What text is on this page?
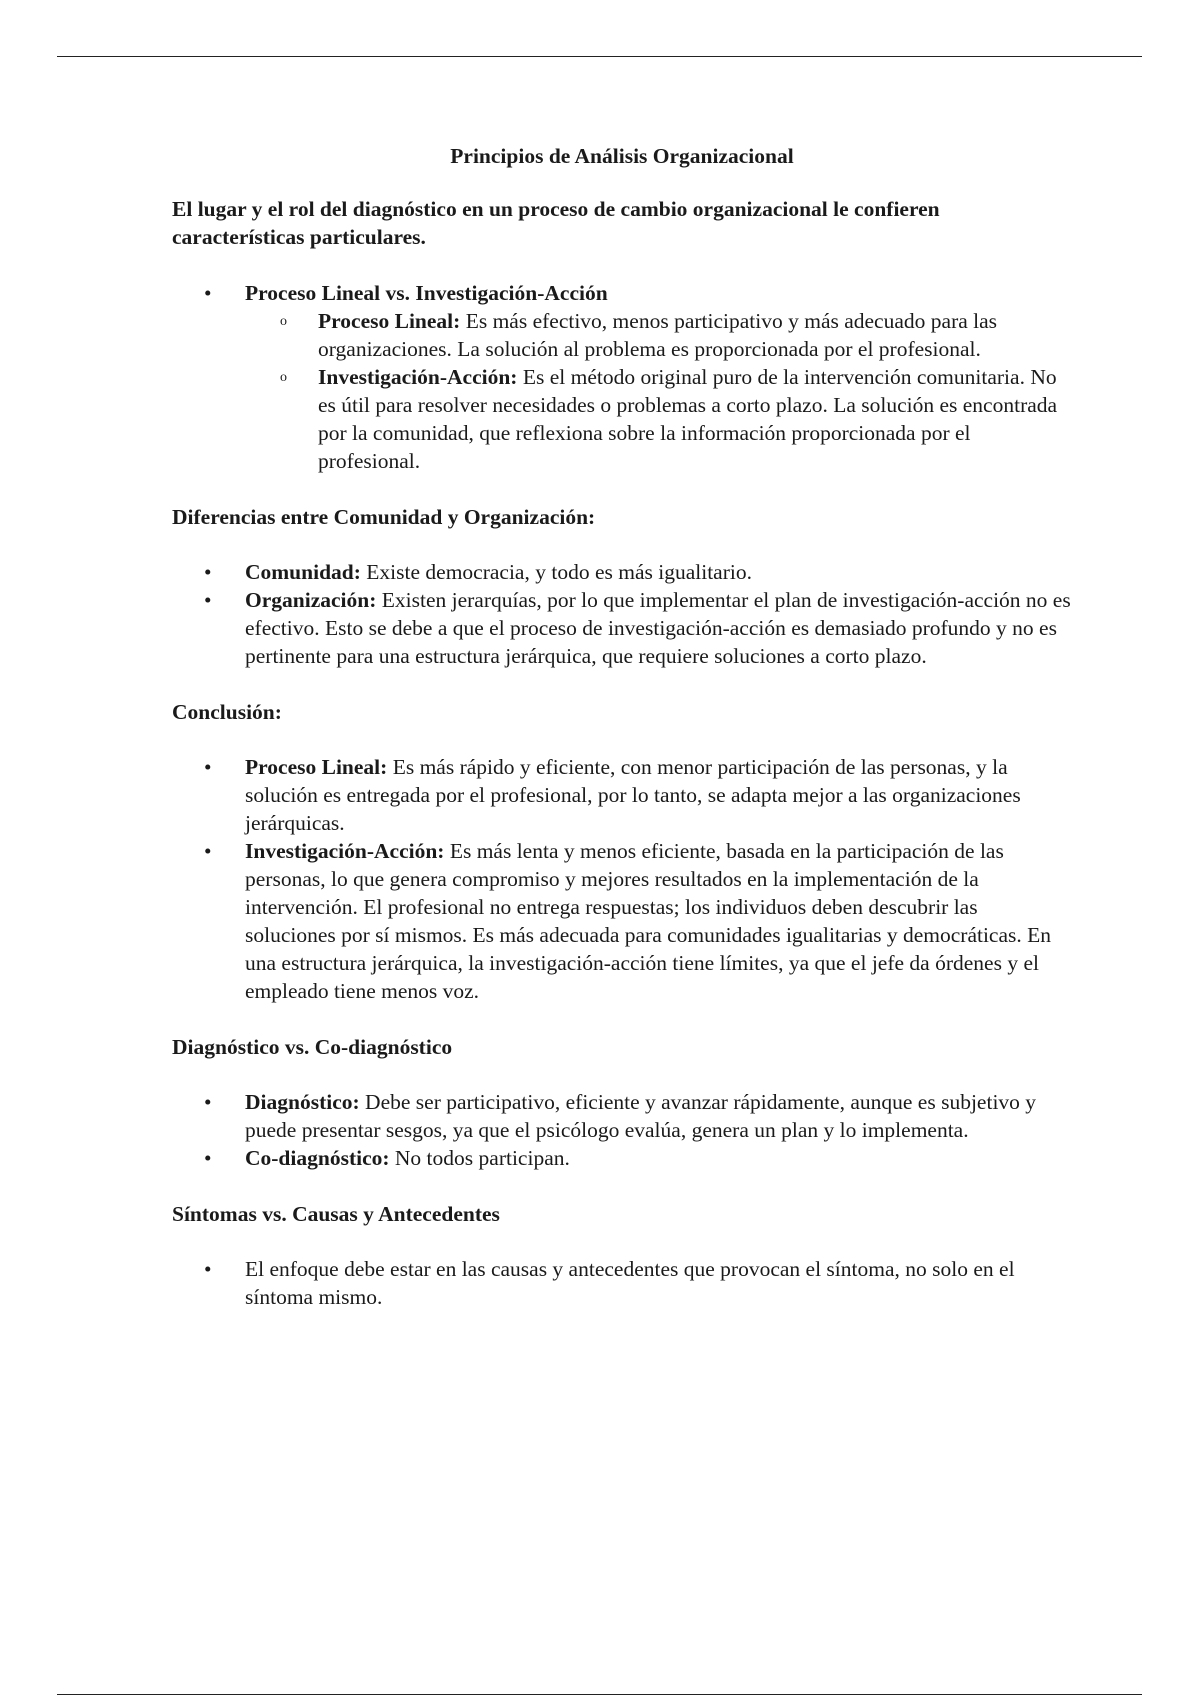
Principios de Análisis Organizacional

El lugar y el rol del diagnóstico en un proceso de cambio organizacional le confieren características particulares.

• Proceso Lineal vs. Investigación-Acción
o Proceso Lineal: Es más efectivo, menos participativo y más adecuado para las organizaciones. La solución al problema es proporcionada por el profesional.
o Investigación-Acción: Es el método original puro de la intervención comunitaria. No es útil para resolver necesidades o problemas a corto plazo. La solución es encontrada por la comunidad, que reflexiona sobre la información proporcionada por el profesional.

Diferencias entre Comunidad y Organización:

• Comunidad: Existe democracia, y todo es más igualitario.
• Organización: Existen jerarquías, por lo que implementar el plan de investigación-acción no es efectivo. Esto se debe a que el proceso de investigación-acción es demasiado profundo y no es pertinente para una estructura jerárquica, que requiere soluciones a corto plazo.

Conclusión:

• Proceso Lineal: Es más rápido y eficiente, con menor participación de las personas, y la solución es entregada por el profesional, por lo tanto, se adapta mejor a las organizaciones jerárquicas.
• Investigación-Acción: Es más lenta y menos eficiente, basada en la participación de las personas, lo que genera compromiso y mejores resultados en la implementación de la intervención. El profesional no entrega respuestas; los individuos deben descubrir las soluciones por sí mismos. Es más adecuada para comunidades igualitarias y democráticas. En una estructura jerárquica, la investigación-acción tiene límites, ya que el jefe da órdenes y el empleado tiene menos voz.

Diagnóstico vs. Co-diagnóstico

• Diagnóstico: Debe ser participativo, eficiente y avanzar rápidamente, aunque es subjetivo y puede presentar sesgos, ya que el psicólogo evalúa, genera un plan y lo implementa.
• Co-diagnóstico: No todos participan.

Síntomas vs. Causas y Antecedentes

• El enfoque debe estar en las causas y antecedentes que provocan el síntoma, no solo en el síntoma mismo.
